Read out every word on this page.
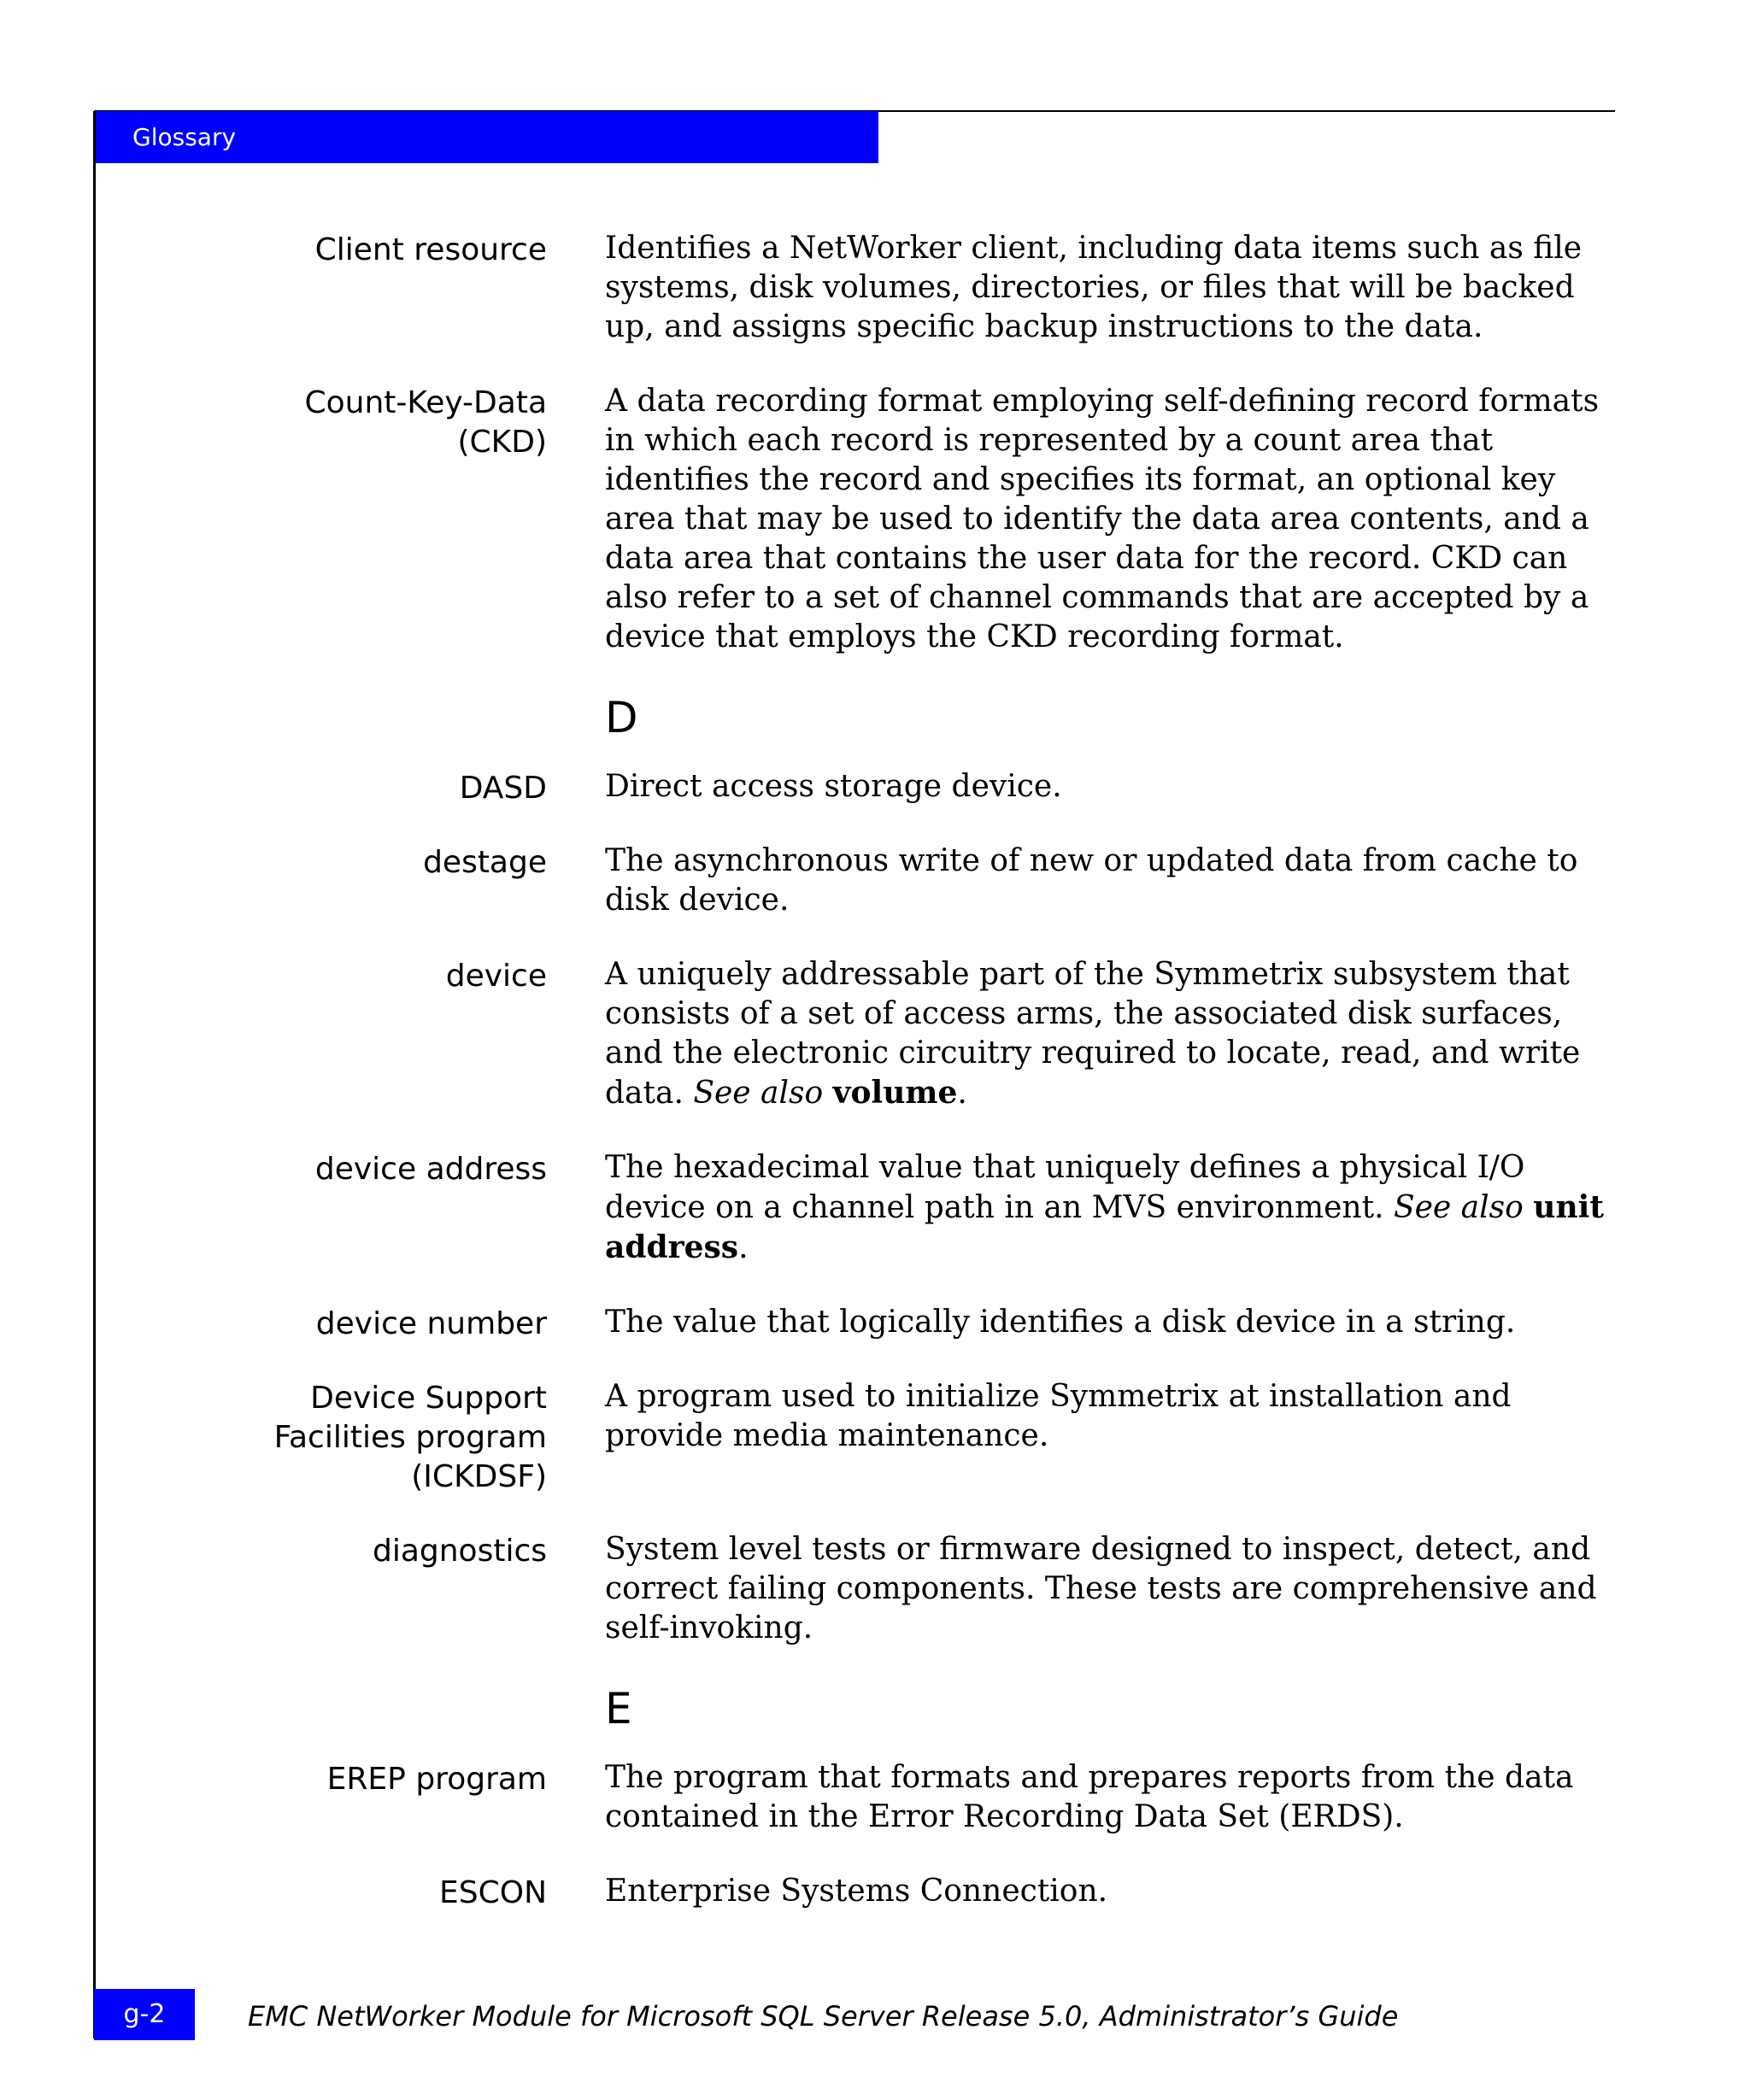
Glossary
Client resource Identifies a NetWorker client, including data items such as file systems, disk volumes, directories, or files that will be backed up, and assigns specific backup instructions to the data.
Count-Key-Data
(CKD)
A data recording format employing self-defining record formats in which each record is represented by a count area that identifies the record and specifies its format, an optional key area that may be used to identify the data area contents, and a data area that contains the user data for the record. CKD can also refer to a set of channel commands that are accepted by a device that employs the CKD recording format.
D
DASD Direct access storage device.
destage The asynchronous write of new or updated data from cache to disk device.
device A uniquely addressable part of the Symmetrix subsystem that consists of a set of access arms, the associated disk surfaces, and the electronic circuitry required to locate, read, and write data. See also volume.
device address The hexadecimal value that uniquely defines a physical I/O device on a channel path in an MVS environment. See also unit address.
device number The value that logically identifies a disk device in a string.
Device Support
Facilities program
(ICKDSF)
A program used to initialize Symmetrix at installation and provide media maintenance.
diagnostics System level tests or firmware designed to inspect, detect, and correct failing components. These tests are comprehensive and self-invoking.
E
EREP program The program that formats and prepares reports from the data contained in the Error Recording Data Set (ERDS).
ESCON Enterprise Systems Connection.
g-2	EMC NetWorker Module for Microsoft SQL Server Release 5.0, Administrator’s Guide
